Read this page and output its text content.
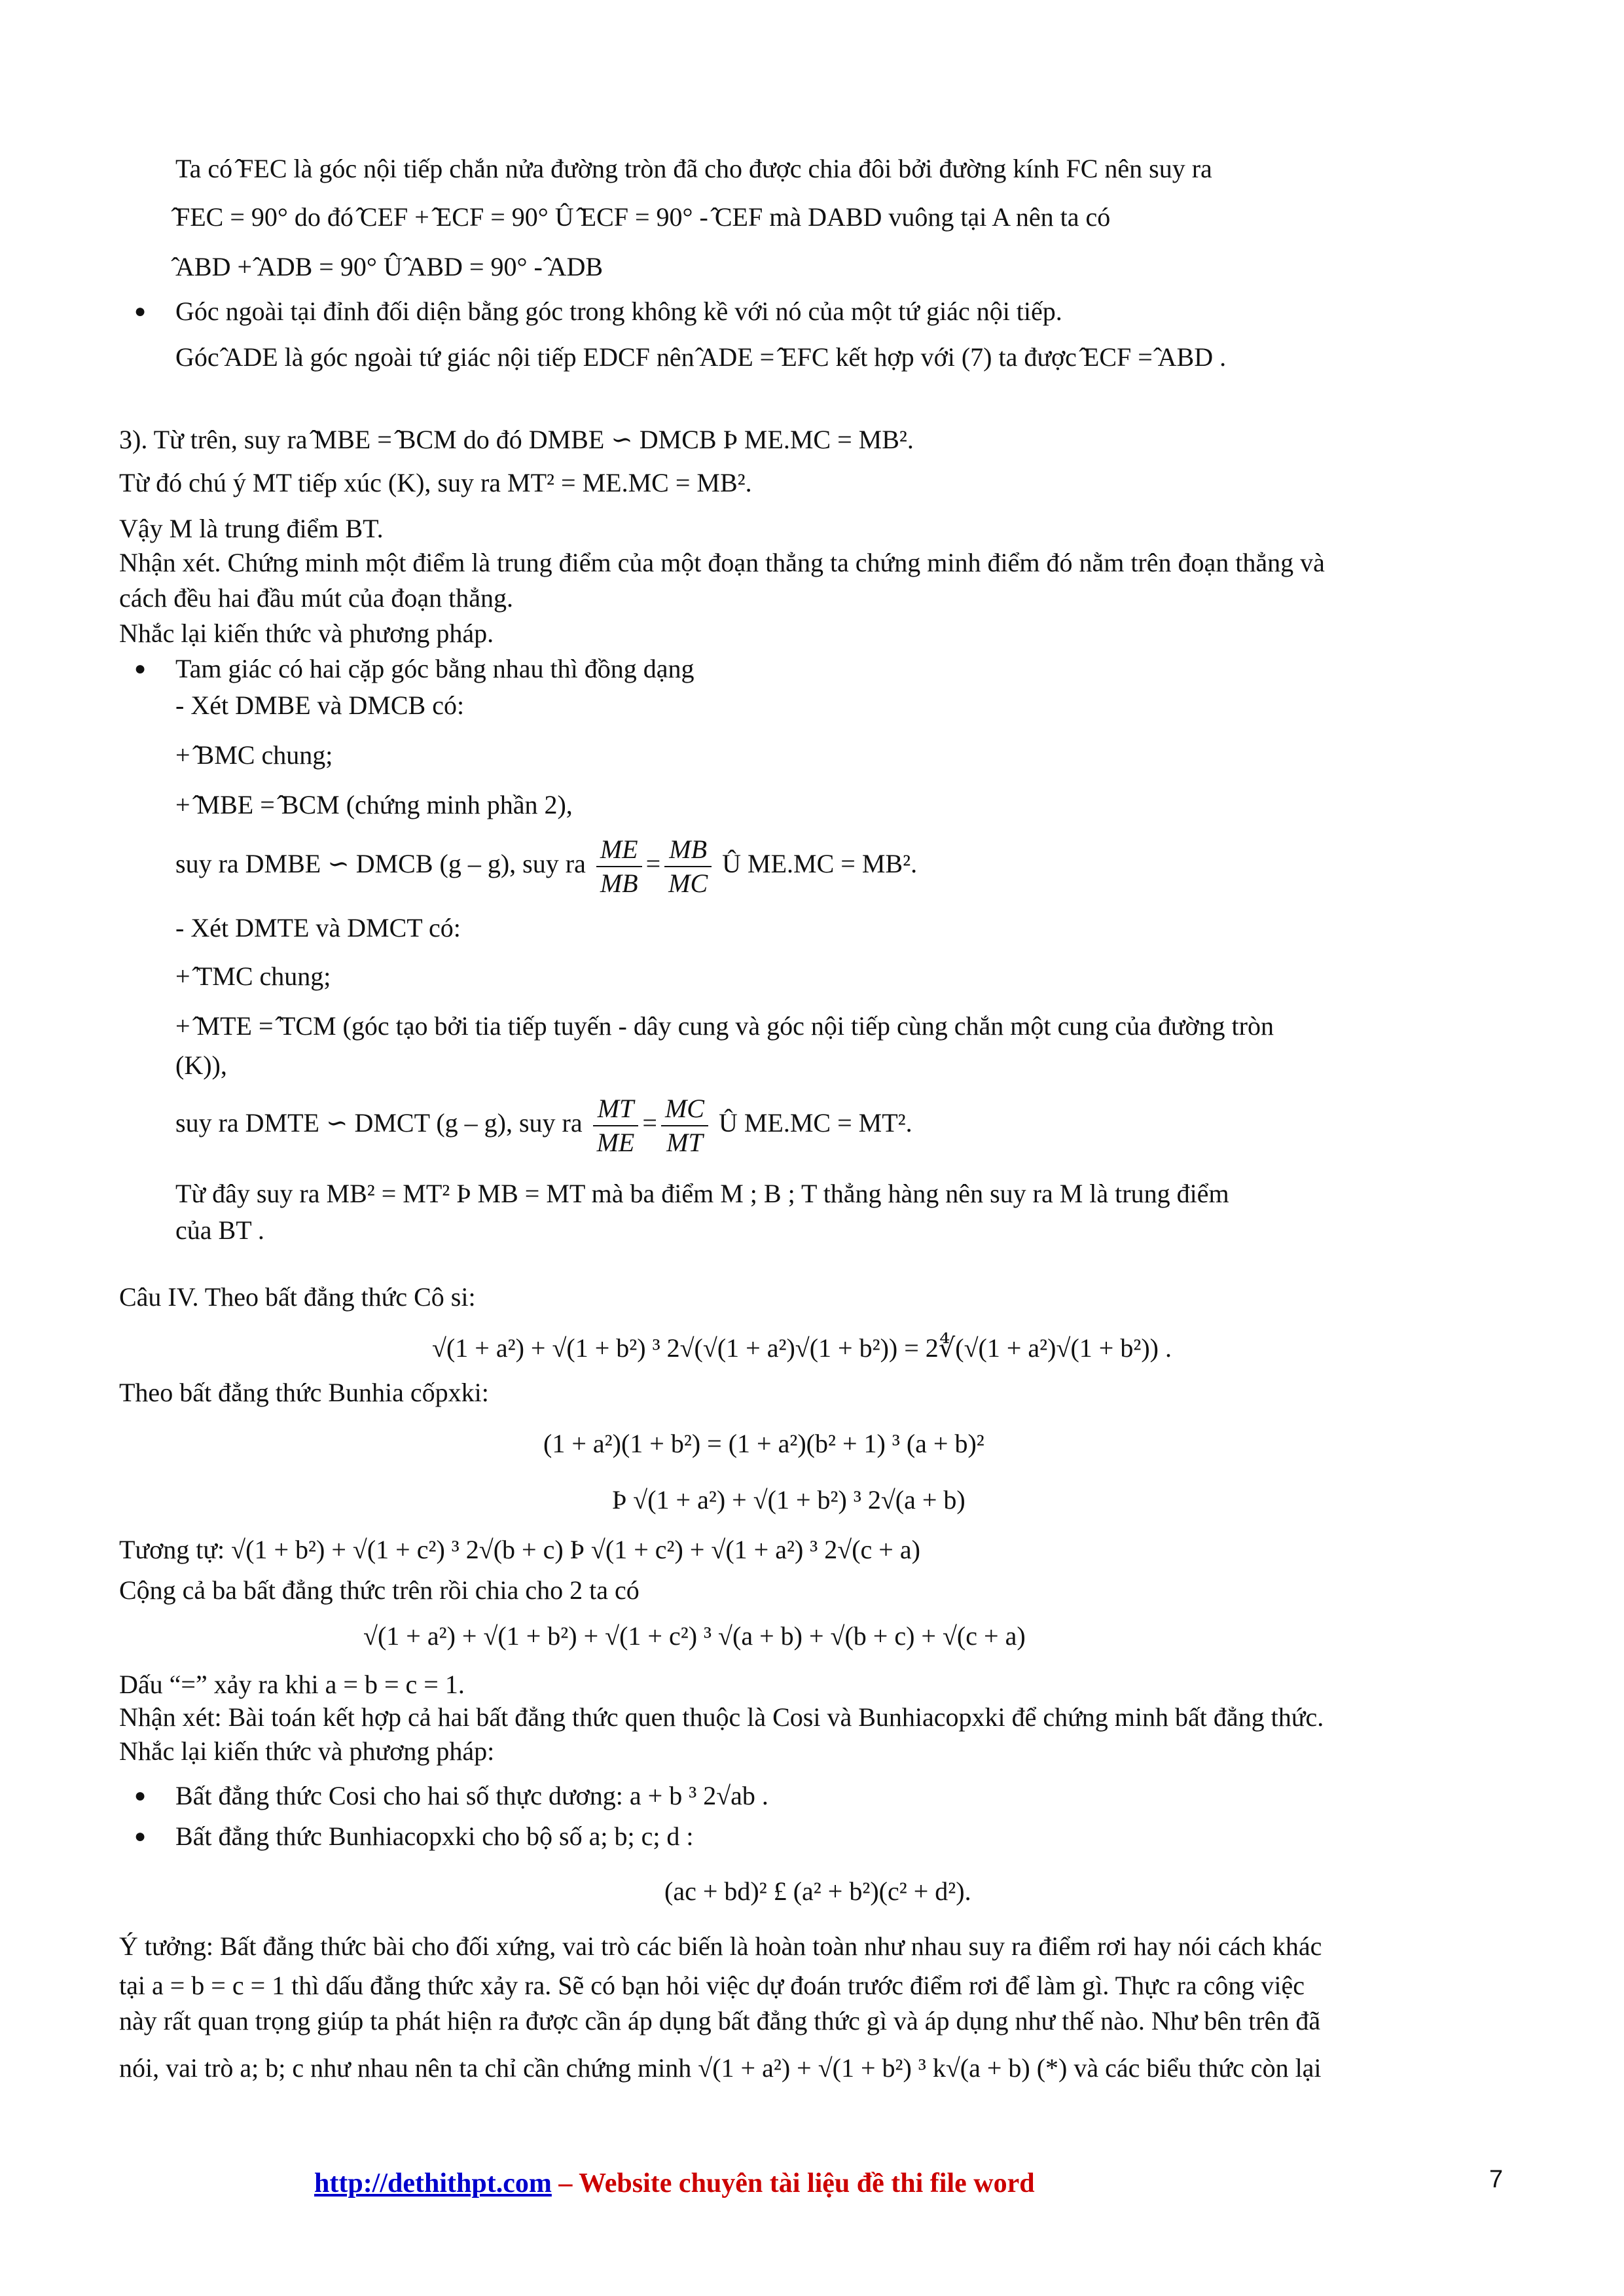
Ta có ̂FEC là góc nội tiếp chắn nửa đường tròn đã cho được chia đôi bởi đường kính FC nên suy ra
̂FEC = 90° do đó ̂CEF + ̂ECF = 90° Û ̂ECF = 90° - ̂CEF mà DABD vuông tại A nên ta có
̂ABD + ̂ADB = 90° Û ̂ABD = 90° - ̂ADB
● Góc ngoài tại đỉnh đối diện bằng góc trong không kề với nó của một tứ giác nội tiếp.
Góc ̂ADE là góc ngoài tứ giác nội tiếp EDCF nên ̂ADE = ̂EFC kết hợp với (7) ta được ̂ECF = ̂ABD .
3). Từ trên, suy ra ̂MBE = ̂BCM do đó DMBE ∽ DMCB Þ ME.MC = MB².
Từ đó chú ý MT tiếp xúc (K), suy ra MT² = ME.MC = MB².
Vậy M là trung điểm BT.
Nhận xét. Chứng minh một điểm là trung điểm của một đoạn thẳng ta chứng minh điểm đó nằm trên đoạn thẳng và
cách đều hai đầu mút của đoạn thẳng.
Nhắc lại kiến thức và phương pháp.
● Tam giác có hai cặp góc bằng nhau thì đồng dạng
- Xét DMBE và DMCB có:
+ ̂BMC chung;
+ ̂MBE = ̂BCM (chứng minh phần 2),
suy ra DMBE ∽ DMCB (g – g), suy ra $\frac{ME}{MB} = \frac{MB}{MC}$ Û ME.MC = MB².
- Xét DMTE và DMCT có:
+ ̂TMC chung;
+ ̂MTE = ̂TCM (góc tạo bởi tia tiếp tuyến - dây cung và góc nội tiếp cùng chắn một cung của đường tròn
(K)),
suy ra DMTE ∽ DMCT (g – g), suy ra $\frac{MT}{ME} = \frac{MC}{MT}$ Û ME.MC = MT².
Từ đây suy ra MB² = MT² Þ MB = MT mà ba điểm M ; B ; T thẳng hàng nên suy ra M là trung điểm
của BT .
Câu IV. Theo bất đẳng thức Cô si:
√(1 + a²) + √(1 + b²) ³ 2√(√(1 + a²)√(1 + b²)) = 2∜(√(1 + a²)√(1 + b²)) .
Theo bất đẳng thức Bunhia cốpxki:
(1 + a²)(1 + b²) = (1 + a²)(b² + 1) ³ (a + b)²
Þ √(1 + a²) + √(1 + b²) ³ 2√(a + b)
Tương tự: √(1 + b²) + √(1 + c²) ³ 2√(b + c) Þ √(1 + c²) + √(1 + a²) ³ 2√(c + a)
Cộng cả ba bất đẳng thức trên rồi chia cho 2 ta có
√(1 + a²) + √(1 + b²) + √(1 + c²) ³ √(a + b) + √(b + c) + √(c + a)
Dấu “=” xảy ra khi a = b = c = 1.
Nhận xét: Bài toán kết hợp cả hai bất đẳng thức quen thuộc là Cosi và Bunhiacopxki để chứng minh bất đẳng thức.
Nhắc lại kiến thức và phương pháp:
● Bất đẳng thức Cosi cho hai số thực dương: a + b ³ 2√ab .
● Bất đẳng thức Bunhiacopxki cho bộ số a; b; c; d :
(ac + bd)² £ (a² + b²)(c² + d²).
Ý tưởng: Bất đẳng thức bài cho đối xứng, vai trò các biến là hoàn toàn như nhau suy ra điểm rơi hay nói cách khác
tại a = b = c = 1 thì dấu đẳng thức xảy ra. Sẽ có bạn hỏi việc dự đoán trước điểm rơi để làm gì. Thực ra công việc
này rất quan trọng giúp ta phát hiện ra được cần áp dụng bất đẳng thức gì và áp dụng như thế nào. Như bên trên đã
nói, vai trò a; b; c như nhau nên ta chỉ cần chứng minh √(1 + a²) + √(1 + b²) ³ k√(a + b) (*) và các biểu thức còn lại
http://dethithpt.com – Website chuyên tài liệu đề thi file word	7
